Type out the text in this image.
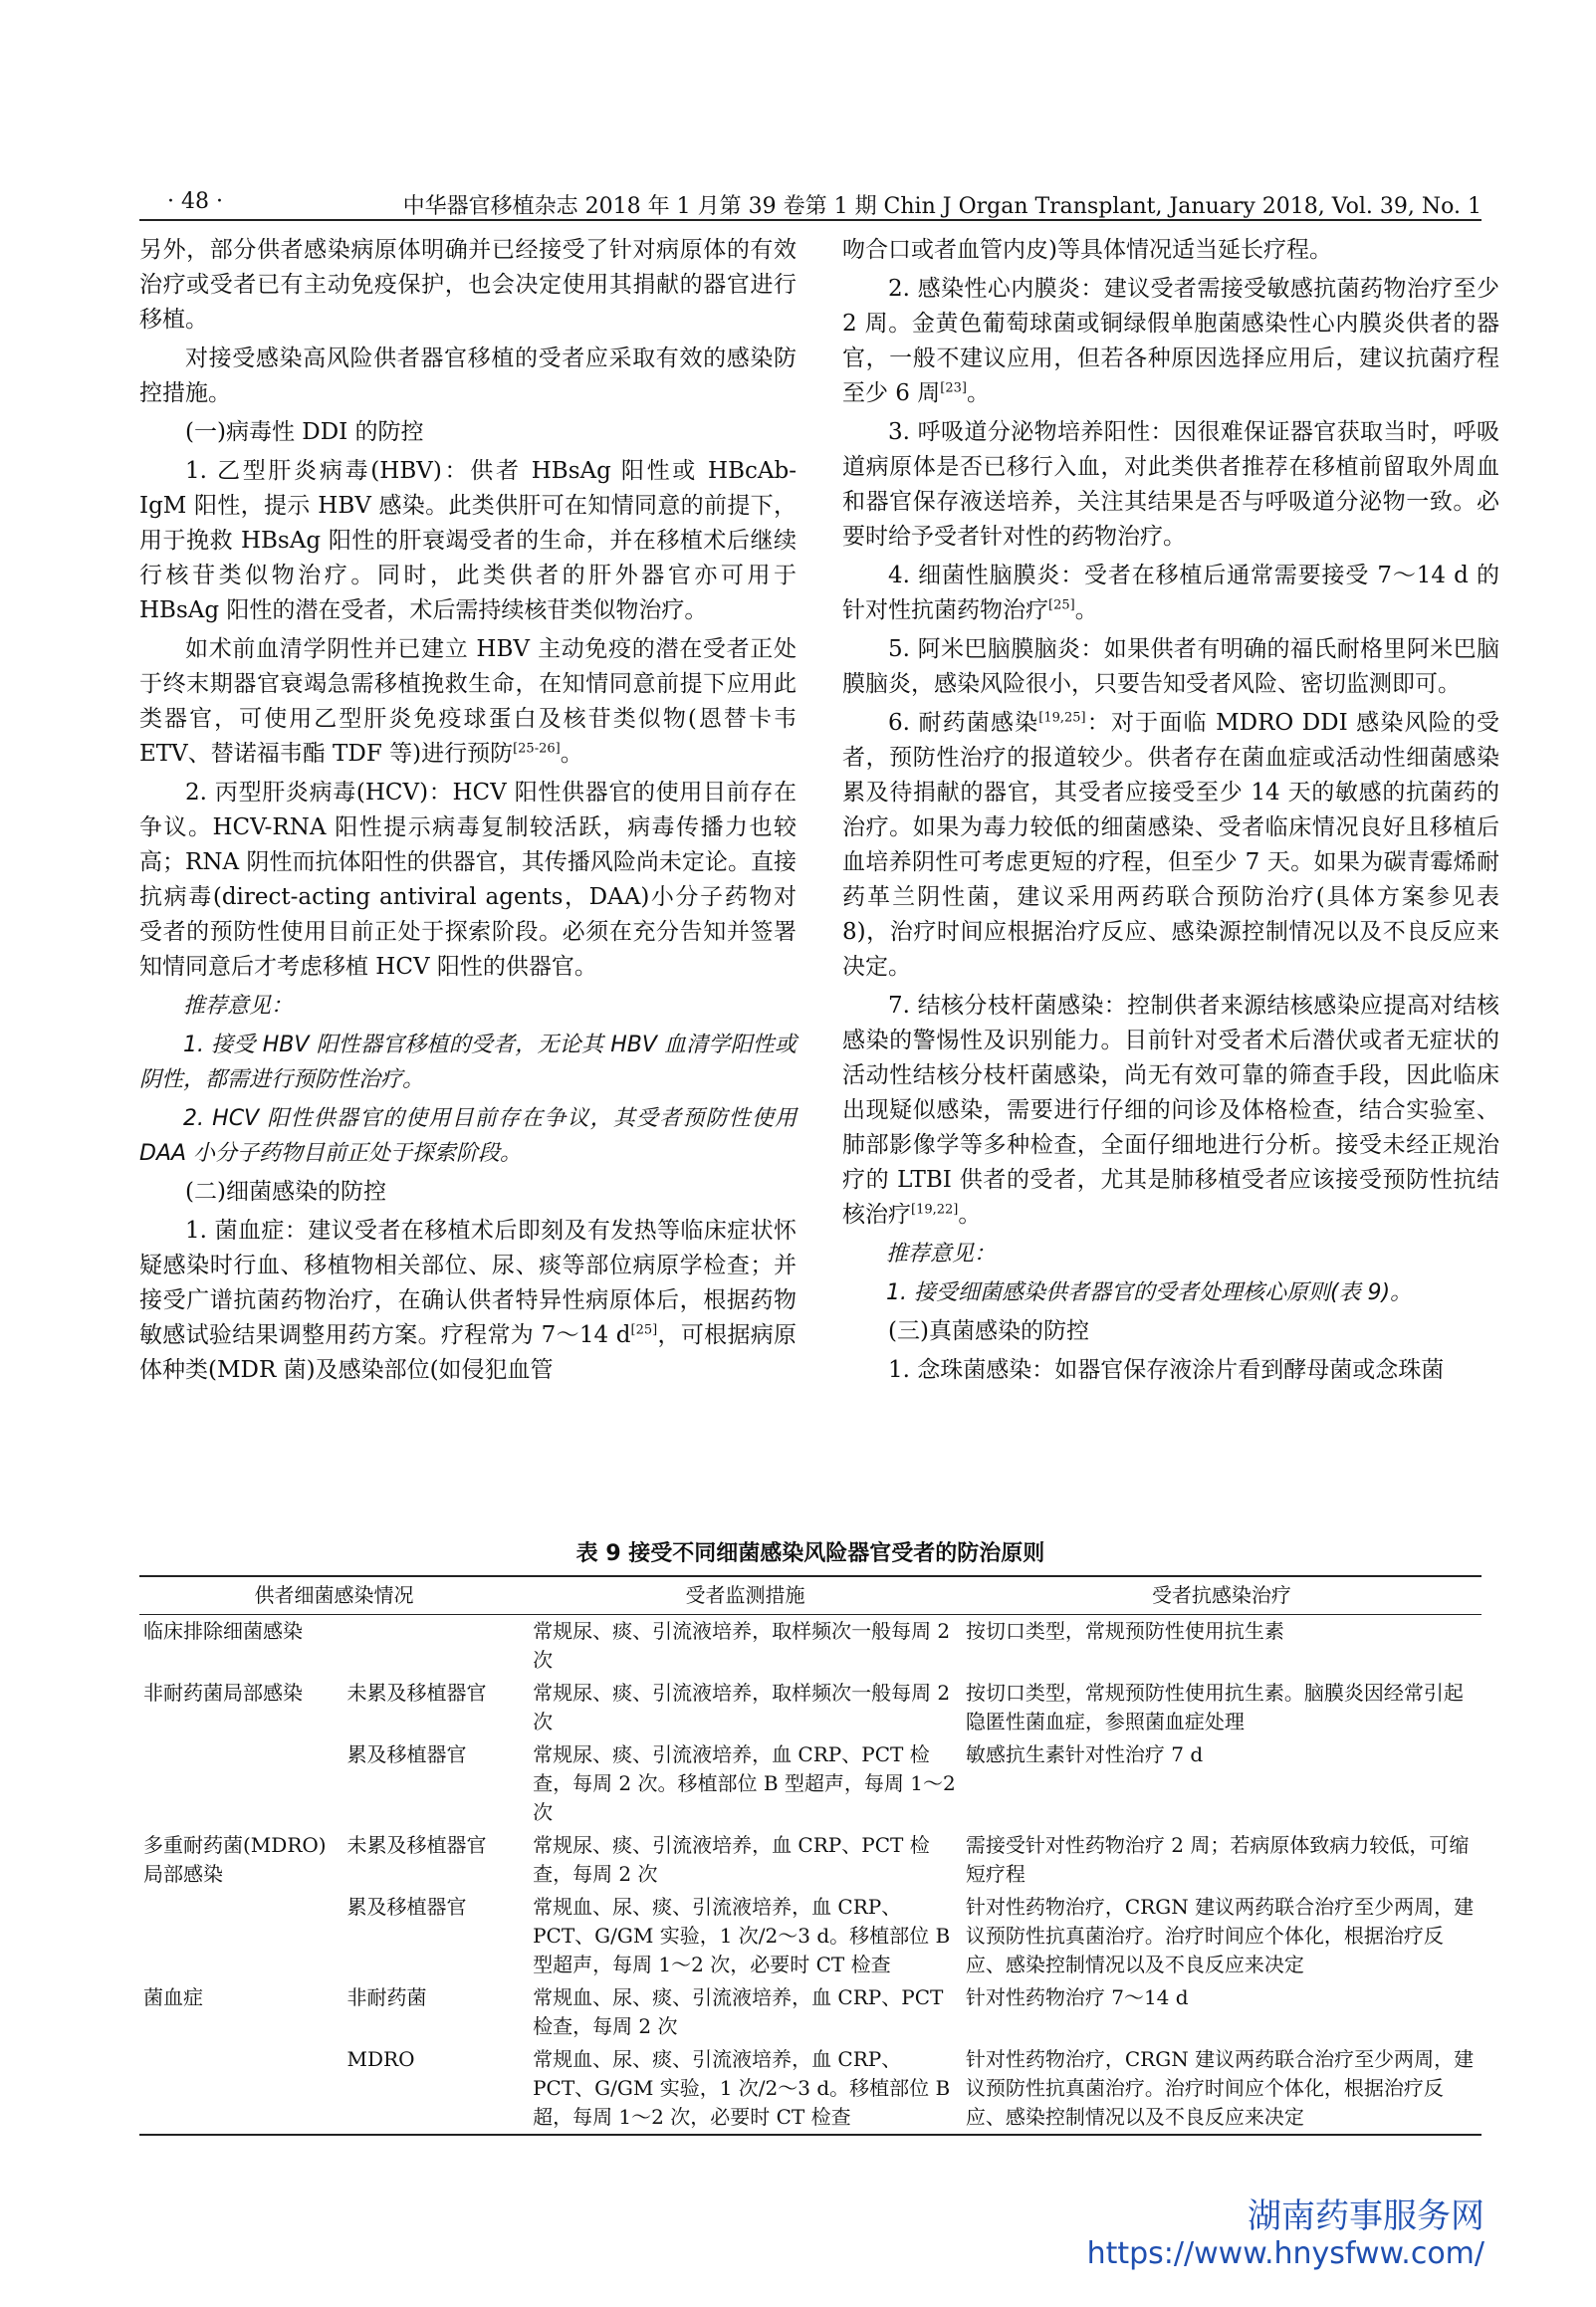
· 48 ·	中华器官移植杂志 2018 年 1 月第 39 卷第 1 期 Chin J Organ Transplant, January 2018, Vol. 39, No. 1

另外，部分供者感染病原体明确并已经接受了针对病原体的有效治疗或受者已有主动免疫保护，也会决定使用其捐献的器官进行移植。

对接受感染高风险供者器官移植的受者应采取有效的感染防控措施。

(一)病毒性 DDI 的防控

1. 乙型肝炎病毒(HBV)：供者 HBsAg 阳性或 HBcAb-IgM 阳性，提示 HBV 感染。此类供肝可在知情同意的前提下，用于挽救 HBsAg 阳性的肝衰竭受者的生命，并在移植术后继续行核苷类似物治疗。同时，此类供者的肝外器官亦可用于 HBsAg 阳性的潜在受者，术后需持续核苷类似物治疗。

如术前血清学阴性并已建立 HBV 主动免疫的潜在受者正处于终末期器官衰竭急需移植挽救生命，在知情同意前提下应用此类器官，可使用乙型肝炎免疫球蛋白及核苷类似物(恩替卡韦 ETV、替诺福韦酯 TDF 等)进行预防[25-26]。

2. 丙型肝炎病毒(HCV)：HCV 阳性供器官的使用目前存在争议。HCV-RNA 阳性提示病毒复制较活跃，病毒传播力也较高；RNA 阴性而抗体阳性的供器官，其传播风险尚未定论。直接抗病毒(direct-acting antiviral agents，DAA)小分子药物对受者的预防性使用目前正处于探索阶段。必须在充分告知并签署知情同意后才考虑移植 HCV 阳性的供器官。

推荐意见：

1. 接受 HBV 阳性器官移植的受者，无论其 HBV 血清学阳性或阴性，都需进行预防性治疗。

2. HCV 阳性供器官的使用目前存在争议，其受者预防性使用 DAA 小分子药物目前正处于探索阶段。

(二)细菌感染的防控

1. 菌血症：建议受者在移植术后即刻及有发热等临床症状怀疑感染时行血、移植物相关部位、尿、痰等部位病原学检查；并接受广谱抗菌药物治疗，在确认供者特异性病原体后，根据药物敏感试验结果调整用药方案。疗程常为 7～14 d[25]，可根据病原体种类(MDR 菌)及感染部位(如侵犯血管

吻合口或者血管内皮)等具体情况适当延长疗程。

2. 感染性心内膜炎：建议受者需接受敏感抗菌药物治疗至少 2 周。金黄色葡萄球菌或铜绿假单胞菌感染性心内膜炎供者的器官，一般不建议应用，但若各种原因选择应用后，建议抗菌疗程至少 6 周[23]。

3. 呼吸道分泌物培养阳性：因很难保证器官获取当时，呼吸道病原体是否已移行入血，对此类供者推荐在移植前留取外周血和器官保存液送培养，关注其结果是否与呼吸道分泌物一致。必要时给予受者针对性的药物治疗。

4. 细菌性脑膜炎：受者在移植后通常需要接受 7～14 d 的针对性抗菌药物治疗[25]。

5. 阿米巴脑膜脑炎：如果供者有明确的福氏耐格里阿米巴脑膜脑炎，感染风险很小，只要告知受者风险、密切监测即可。

6. 耐药菌感染[19,25]：对于面临 MDRO DDI 感染风险的受者，预防性治疗的报道较少。供者存在菌血症或活动性细菌感染累及待捐献的器官，其受者应接受至少 14 天的敏感的抗菌药的治疗。如果为毒力较低的细菌感染、受者临床情况良好且移植后血培养阴性可考虑更短的疗程，但至少 7 天。如果为碳青霉烯耐药革兰阴性菌，建议采用两药联合预防治疗(具体方案参见表 8)，治疗时间应根据治疗反应、感染源控制情况以及不良反应来决定。

7. 结核分枝杆菌感染：控制供者来源结核感染应提高对结核感染的警惕性及识别能力。目前针对受者术后潜伏或者无症状的活动性结核分枝杆菌感染，尚无有效可靠的筛查手段，因此临床出现疑似感染，需要进行仔细的问诊及体格检查，结合实验室、肺部影像学等多种检查，全面仔细地进行分析。接受未经正规治疗的 LTBI 供者的受者，尤其是肺移植受者应该接受预防性抗结核治疗[19,22]。

推荐意见：

1. 接受细菌感染供者器官的受者处理核心原则(表 9)。

(三)真菌感染的防控

1. 念珠菌感染：如器官保存液涂片看到酵母菌或念珠菌

表 9 接受不同细菌感染风险器官受者的防治原则
供者细菌感染情况		受者监测措施	受者抗感染治疗
临床排除细菌感染		常规尿、痰、引流液培养，取样频次一般每周 2 次	按切口类型，常规预防性使用抗生素
非耐药菌局部感染	未累及移植器官	常规尿、痰、引流液培养，取样频次一般每周 2 次	按切口类型，常规预防性使用抗生素。脑膜炎因经常引起隐匿性菌血症，参照菌血症处理
	累及移植器官	常规尿、痰、引流液培养，血 CRP、PCT 检查，每周 2 次。移植部位 B 型超声，每周 1～2 次	敏感抗生素针对性治疗 7 d
多重耐药菌(MDRO)局部感染	未累及移植器官	常规尿、痰、引流液培养，血 CRP、PCT 检查，每周 2 次	需接受针对性药物治疗 2 周；若病原体致病力较低，可缩短疗程
	累及移植器官	常规血、尿、痰、引流液培养，血 CRP、PCT、G/GM 实验，1 次/2～3 d。移植部位 B 型超声，每周 1～2 次，必要时 CT 检查	针对性药物治疗，CRGN 建议两药联合治疗至少两周，建议预防性抗真菌治疗。治疗时间应个体化，根据治疗反应、感染控制情况以及不良反应来决定
菌血症	非耐药菌	常规血、尿、痰、引流液培养，血 CRP、PCT 检查，每周 2 次	针对性药物治疗 7～14 d
	MDRO	常规血、尿、痰、引流液培养，血 CRP、PCT、G/GM 实验，1 次/2～3 d。移植部位 B 超，每周 1～2 次，必要时 CT 检查	针对性药物治疗，CRGN 建议两药联合治疗至少两周，建议预防性抗真菌治疗。治疗时间应个体化，根据治疗反应、感染控制情况以及不良反应来决定
湖南药事服务网
https://www.hnysfww.com/
